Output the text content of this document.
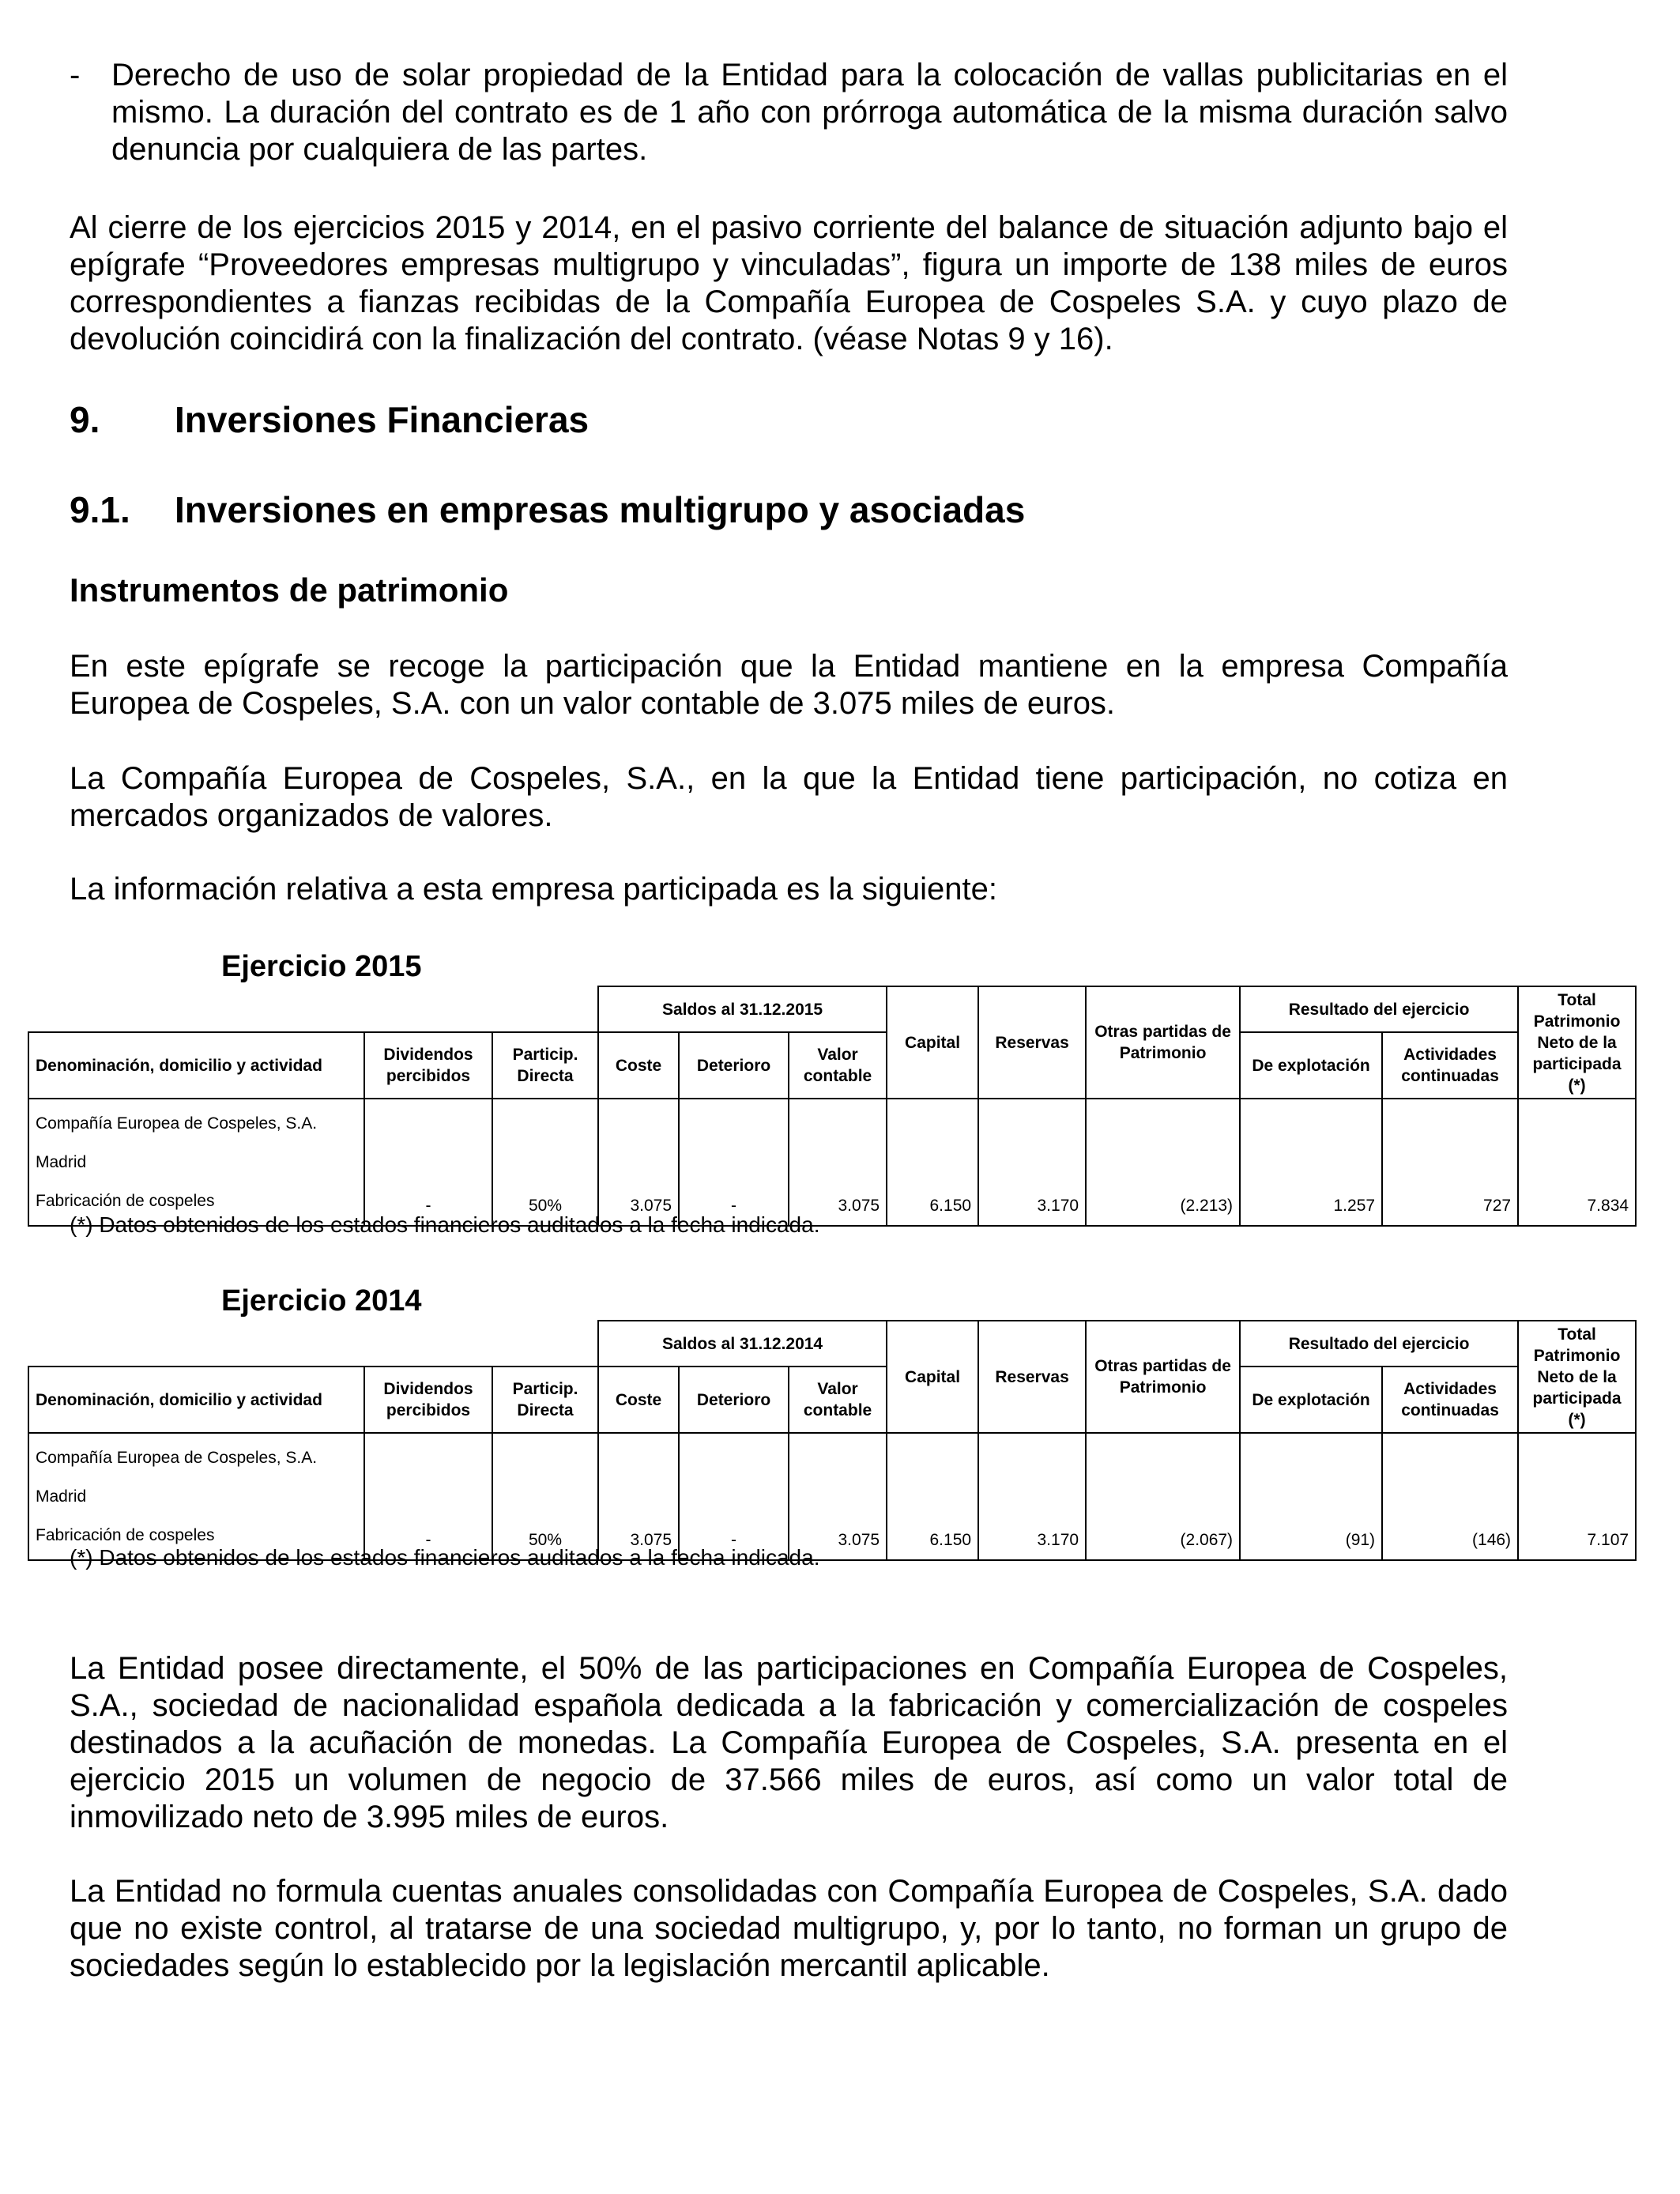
- Derecho de uso de solar propiedad de la Entidad para la colocación de vallas publicitarias en el mismo. La duración del contrato es de 1 año con prórroga automática de la misma duración salvo denuncia por cualquiera de las partes.

Al cierre de los ejercicios 2015 y 2014, en el pasivo corriente del balance de situación adjunto bajo el epígrafe “Proveedores empresas multigrupo y vinculadas”, figura un importe de 138 miles de euros correspondientes a fianzas recibidas de la Compañía Europea de Cospeles S.A. y cuyo plazo de devolución coincidirá con la finalización del contrato. (véase Notas 9 y 16).

9. Inversiones Financieras
9.1. Inversiones en empresas multigrupo y asociadas
Instrumentos de patrimonio

En este epígrafe se recoge la participación que la Entidad mantiene en la empresa Compañía Europea de Cospeles, S.A. con un valor contable de 3.075 miles de euros.

La Compañía Europea de Cospeles, S.A., en la que la Entidad tiene participación, no cotiza en mercados organizados de valores.

La información relativa a esta empresa participada es la siguiente:

Ejercicio 2015
			Saldos al 31.12.2015			Capital	Reservas	Otras partidas de Patrimonio	Resultado del ejercicio		Total Patrimonio Neto de la participada (*)
Denominación, domicilio y actividad	Dividendos percibidos	Particip. Directa	Coste	Deterioro	Valor contable				De explotación	Actividades continuadas	

Compañía Europea de Cospeles, S.A.
Madrid
Fabricación de cospeles	-	50%	3.075	-	3.075	6.150	3.170	(2.213)	1.257	727	7.834

(*) Datos obtenidos de los estados financieros auditados a la fecha indicada.

Ejercicio 2014
			Saldos al 31.12.2014			Capital	Reservas	Otras partidas de Patrimonio	Resultado del ejercicio		Total Patrimonio Neto de la participada (*)
Denominación, domicilio y actividad	Dividendos percibidos	Particip. Directa	Coste	Deterioro	Valor contable				De explotación	Actividades continuadas	

Compañía Europea de Cospeles, S.A.
Madrid
Fabricación de cospeles	-	50%	3.075	-	3.075	6.150	3.170	(2.067)	(91)	(146)	7.107

(*) Datos obtenidos de los estados financieros auditados a la fecha indicada.

La Entidad posee directamente, el 50% de las participaciones en Compañía Europea de Cospeles, S.A., sociedad de nacionalidad española dedicada a la fabricación y comercialización de cospeles destinados a la acuñación de monedas. La Compañía Europea de Cospeles, S.A. presenta en el ejercicio 2015 un volumen de negocio de 37.566 miles de euros, así como un valor total de inmovilizado neto de 3.995 miles de euros.

La Entidad no formula cuentas anuales consolidadas con Compañía Europea de Cospeles, S.A. dado que no existe control, al tratarse de una sociedad multigrupo, y, por lo tanto, no forman un grupo de sociedades según lo establecido por la legislación mercantil aplicable.
